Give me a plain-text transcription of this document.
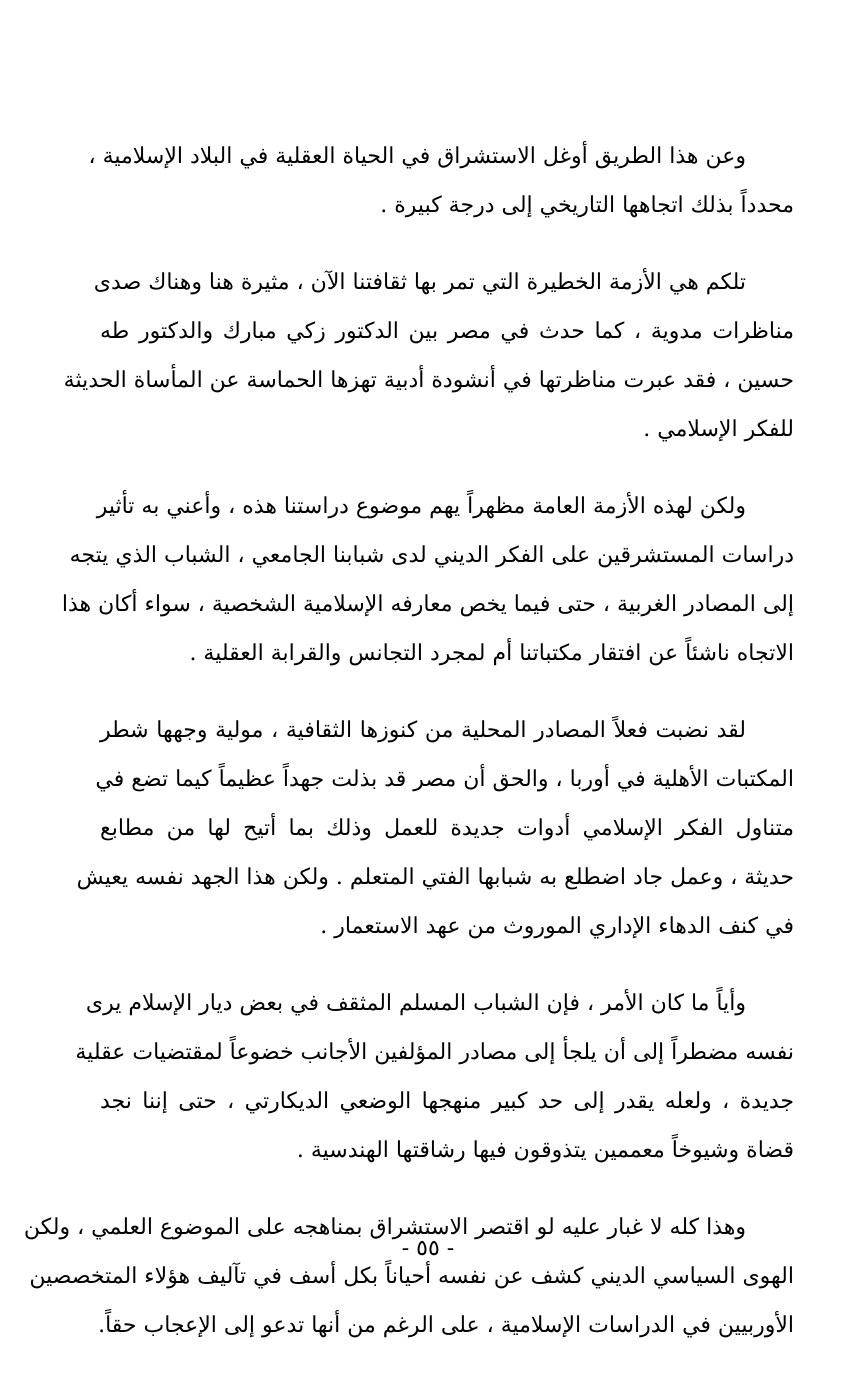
وعن هذا الطريق أوغل الاستشراق في الحياة العقلية في البلاد الإسلامية ،
محدداً بذلك اتجاهها التاريخي إلى درجة كبيرة .

تلكم هي الأزمة الخطيرة التي تمر بها ثقافتنا الآن ، مثيرة هنا وهناك صدى
مناظرات مدوية ، كما حدث في مصر بين الدكتور زكي مبارك والدكتور طه
حسين ، فقد عبرت مناظرتها في أنشودة أدبية تهزها الحماسة عن المأساة الحديثة
للفكر الإسلامي .

ولكن لهذه الأزمة العامة مظهراً يهم موضوع دراستنا هذه ، وأعني به تأثير
دراسات المستشرقين على الفكر الديني لدى شبابنا الجامعي ، الشباب الذي يتجه
إلى المصادر الغربية ، حتى فيما يخص معارفه الإسلامية الشخصية ، سواء أكان هذا
الاتجاه ناشئاً عن افتقار مكتباتنا أم لمجرد التجانس والقرابة العقلية .

لقد نضبت فعلاً المصادر المحلية من كنوزها الثقافية ، مولية وجهها شطر
المكتبات الأهلية في أوربا ، والحق أن مصر قد بذلت جهداً عظيماً كيما تضع في
متناول الفكر الإسلامي أدوات جديدة للعمل وذلك بما أتيح لها من مطابع
حديثة ، وعمل جاد اضطلع به شبابها الفتي المتعلم . ولكن هذا الجهد نفسه يعيش
في كنف الدهاء الإداري الموروث من عهد الاستعمار .

وأياً ما كان الأمر ، فإن الشباب المسلم المثقف في بعض ديار الإسلام يرى
نفسه مضطراً إلى أن يلجأ إلى مصادر المؤلفين الأجانب خضوعاً لمقتضيات عقلية
جديدة ، ولعله يقدر إلى حد كبير منهجها الوضعي الديكارتي ، حتى إننا نجد
قضاة وشيوخاً معممين يتذوقون فيها رشاقتها الهندسية .

وهذا كله لا غبار عليه لو اقتصر الاستشراق بمناهجه على الموضوع العلمي ، ولكن
الهوى السياسي الديني كشف عن نفسه أحياناً بكل أسف في تآليف هؤلاء المتخصصين
الأوربيين في الدراسات الإسلامية ، على الرغم من أنها تدعو إلى الإعجاب حقاً.

- ٥٥ -
